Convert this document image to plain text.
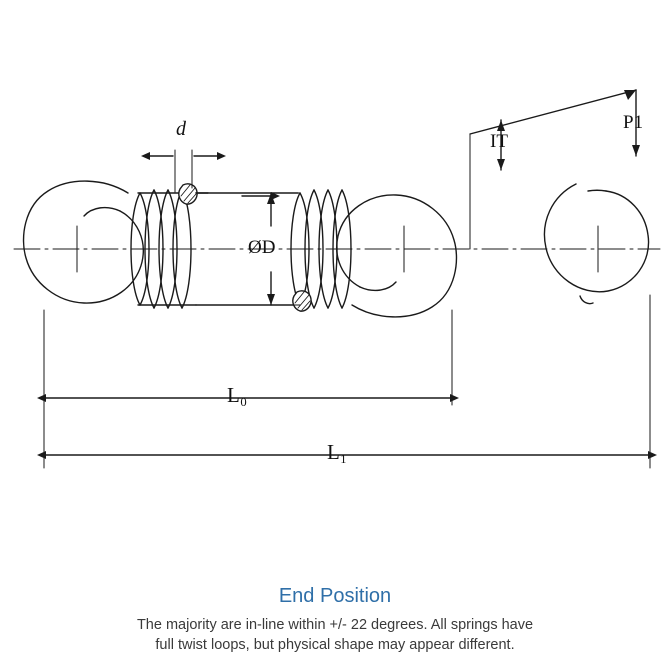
d
ØD
L₀
L₁
IT
P1
End Position
The majority are in-line within +/- 22 degrees. All springs have
full twist loops, but physical shape may appear different.
